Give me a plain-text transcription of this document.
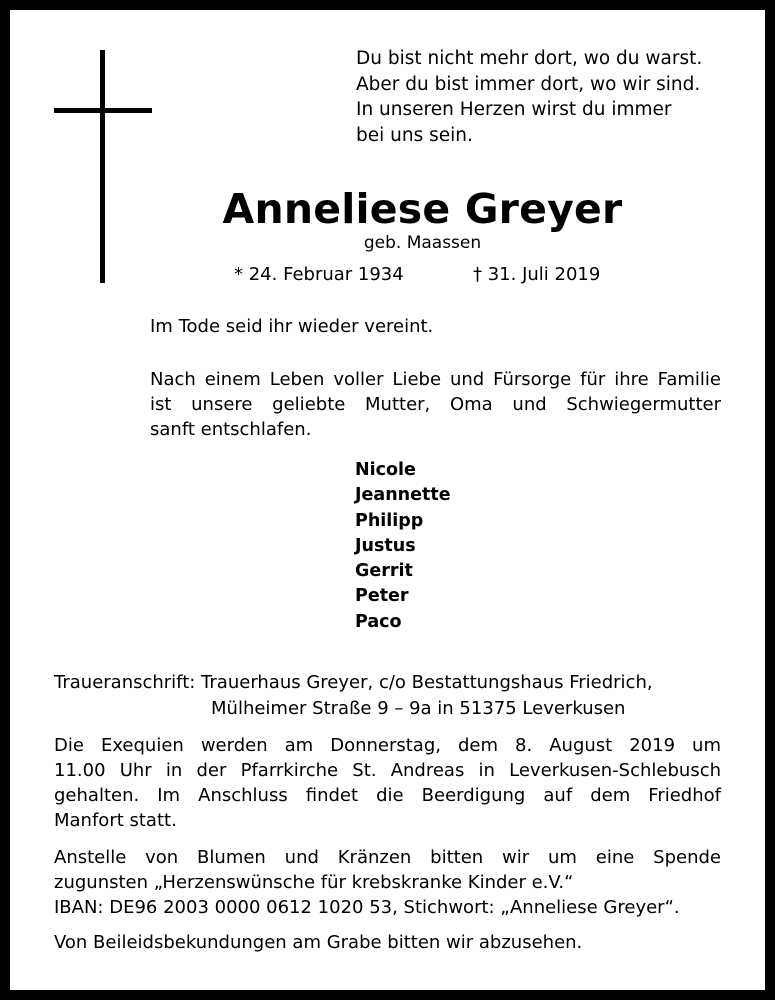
Du bist nicht mehr dort, wo du warst.
Aber du bist immer dort, wo wir sind.
In unseren Herzen wirst du immer
bei uns sein.
Anneliese Greyer
geb. Maassen
* 24. Februar 1934	† 31. Juli 2019
Im Tode seid ihr wieder vereint.
Nach einem Leben voller Liebe und Fürsorge für ihre Familie
ist unsere geliebte Mutter, Oma und Schwiegermutter
sanft entschlafen.
Nicole
Jeannette
Philipp
Justus
Gerrit
Peter
Paco
Traueranschrift: Trauerhaus Greyer, c/o Bestattungshaus Friedrich,
Mülheimer Straße 9 – 9a in 51375 Leverkusen
Die Exequien werden am Donnerstag, dem 8. August 2019 um
11.00 Uhr in der Pfarrkirche St. Andreas in Leverkusen-Schlebusch
gehalten. Im Anschluss findet die Beerdigung auf dem Friedhof
Manfort statt.
Anstelle von Blumen und Kränzen bitten wir um eine Spende
zugunsten „Herzenswünsche für krebskranke Kinder e.V.“
IBAN: DE96 2003 0000 0612 1020 53, Stichwort: „Anneliese Greyer“.
Von Beileidsbekundungen am Grabe bitten wir abzusehen.
